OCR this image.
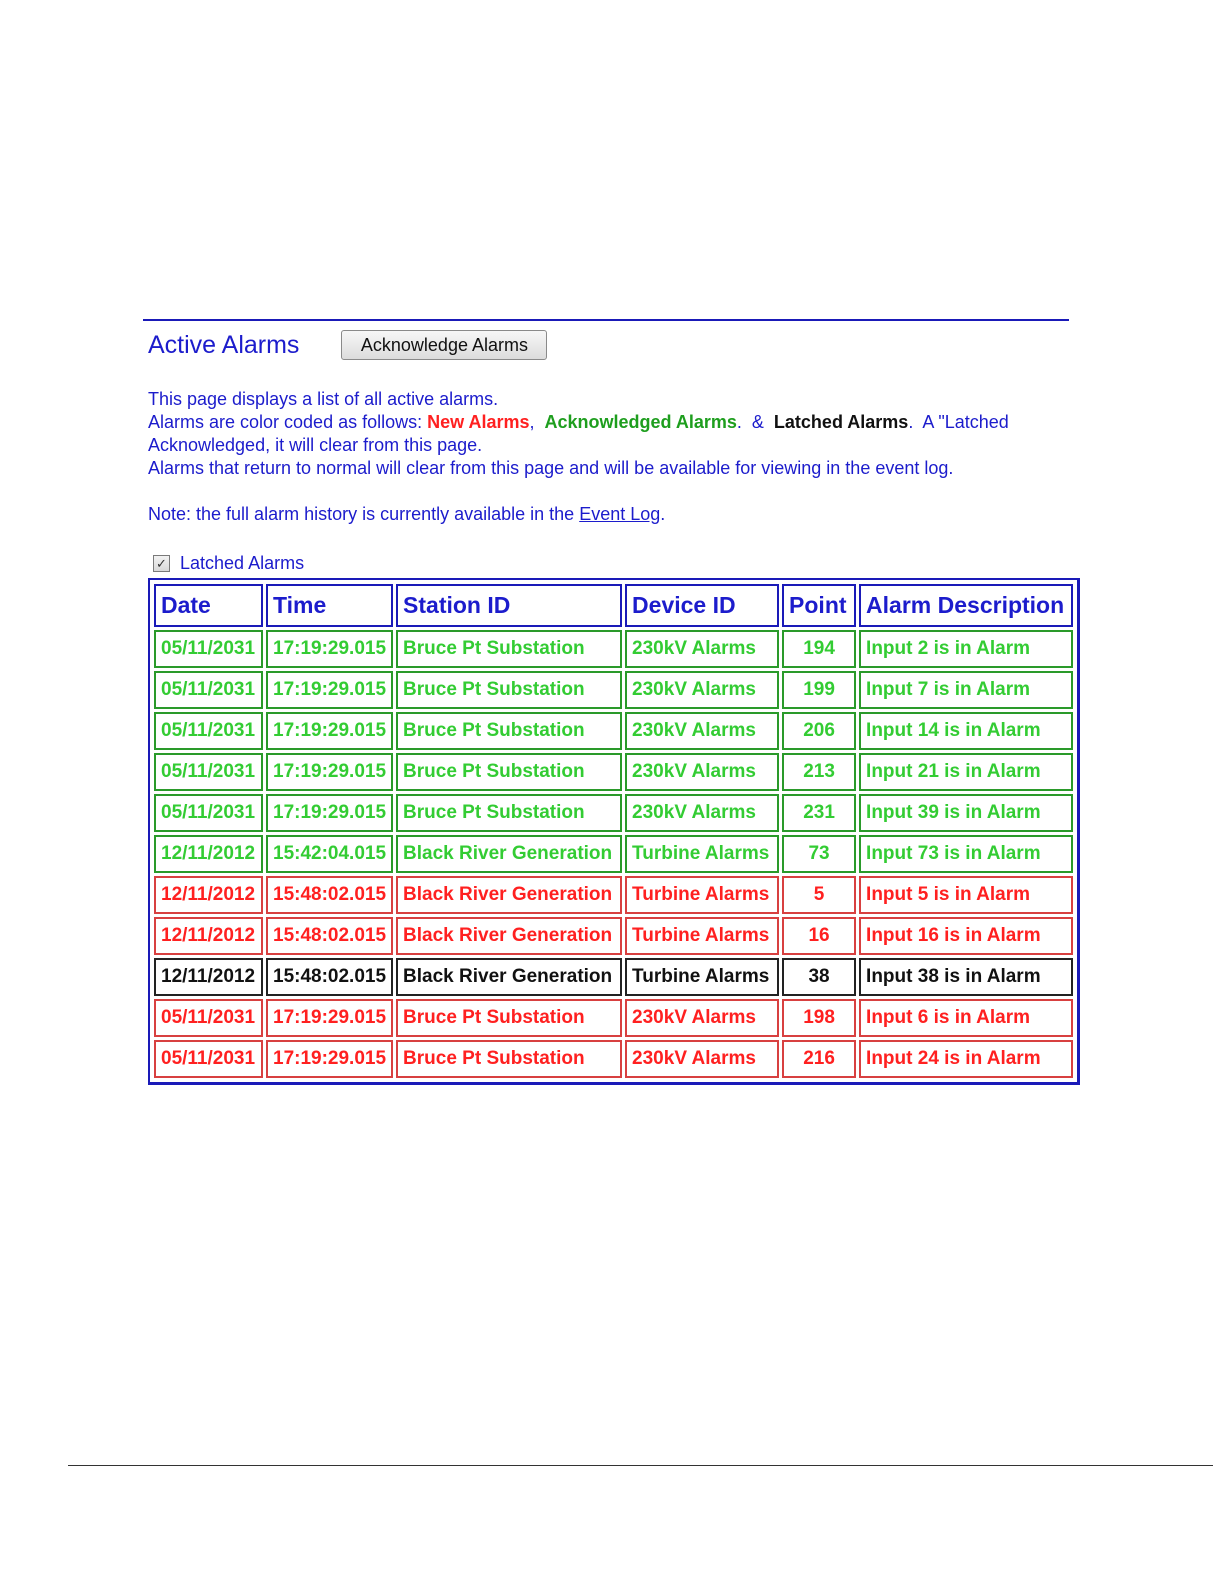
Active Alarms	Acknowledge Alarms

This page displays a list of all active alarms.

Alarms are color coded as follows: New Alarms,  Acknowledged Alarms.  &  Latched Alarms.  A "Latched

Acknowledged, it will clear from this page.

Alarms that return to normal will clear from this page and will be available for viewing in the event log.

Note: the full alarm history is currently available in the Event Log.
✓ Latched Alarms
Date	Time	Station ID	Device ID	Point	Alarm Description
05/11/2031	17:19:29.015	Bruce Pt Substation	230kV Alarms	194	Input 2 is in Alarm
05/11/2031	17:19:29.015	Bruce Pt Substation	230kV Alarms	199	Input 7 is in Alarm
05/11/2031	17:19:29.015	Bruce Pt Substation	230kV Alarms	206	Input 14 is in Alarm
05/11/2031	17:19:29.015	Bruce Pt Substation	230kV Alarms	213	Input 21 is in Alarm
05/11/2031	17:19:29.015	Bruce Pt Substation	230kV Alarms	231	Input 39 is in Alarm
12/11/2012	15:42:04.015	Black River Generation	Turbine Alarms	73	Input 73 is in Alarm
12/11/2012	15:48:02.015	Black River Generation	Turbine Alarms	5	Input 5 is in Alarm
12/11/2012	15:48:02.015	Black River Generation	Turbine Alarms	16	Input 16 is in Alarm
12/11/2012	15:48:02.015	Black River Generation	Turbine Alarms	38	Input 38 is in Alarm
05/11/2031	17:19:29.015	Bruce Pt Substation	230kV Alarms	198	Input 6 is in Alarm
05/11/2031	17:19:29.015	Bruce Pt Substation	230kV Alarms	216	Input 24 is in Alarm
